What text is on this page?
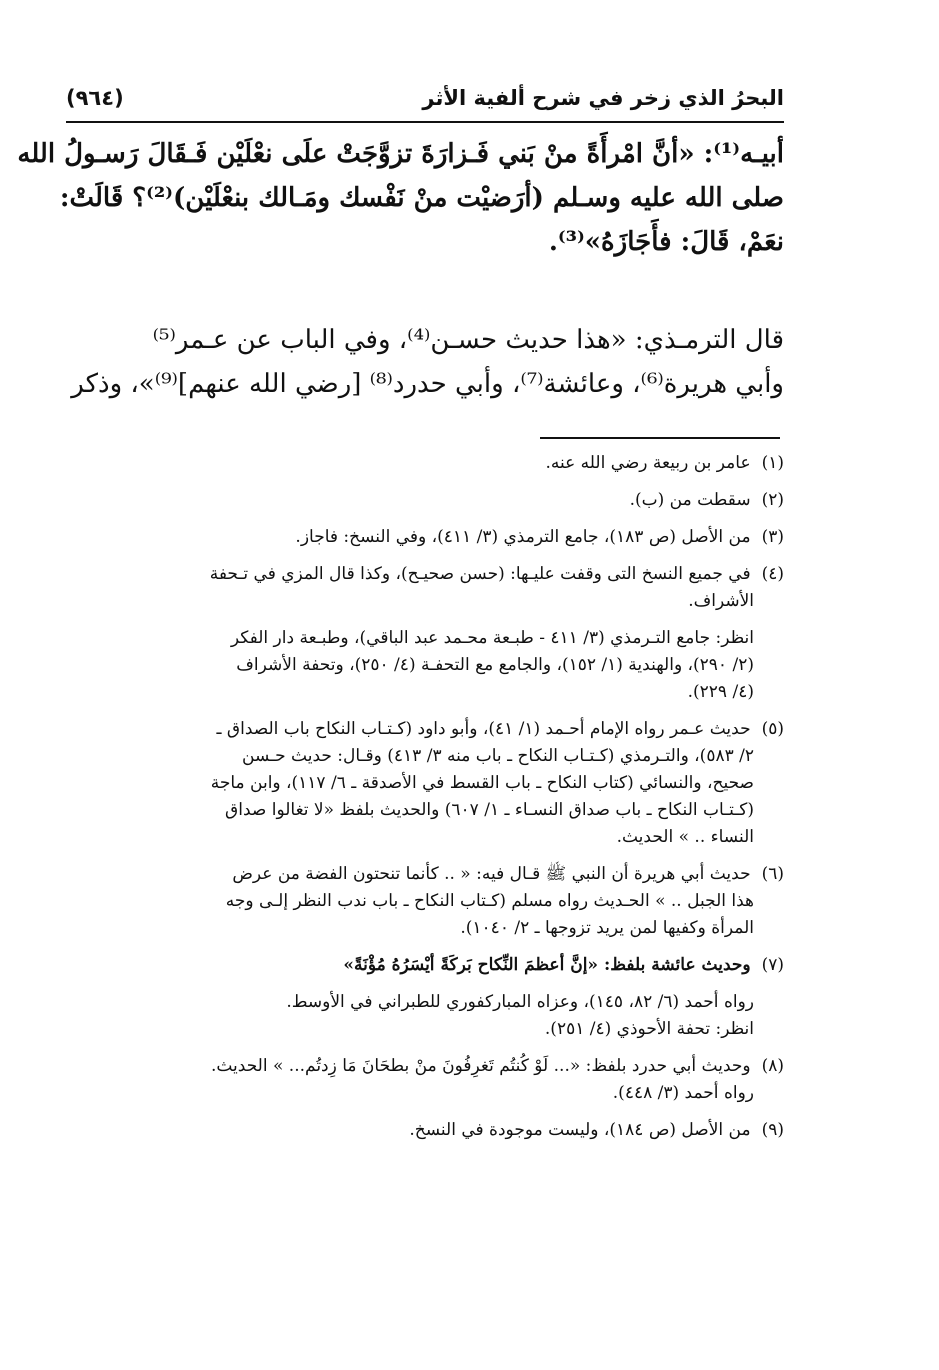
البحرُ الذي زخر في شرح ألفية الأثر
(٩٦٤)
أبيـه⁽¹⁾: «أنَّ امْرأَةً منْ بَني فَـزارَةَ تزوَّجَتْ علَى نعْلَيْن فَـقَالَ رَسـولُ الله
صلى الله عليه وسـلم (أرَضيْت منْ نَفْسك ومَـالك بنعْلَيْن)⁽²⁾؟ قَالَتْ:
نعَمْ، قَالَ: فأَجَازَهُ»⁽³⁾.
قال الترمـذي: «هذا حديث حسـن⁽⁴⁾، وفي الباب عن عـمر⁽⁵⁾
وأبي هريرة⁽⁶⁾، وعائشة⁽⁷⁾، وأبي حدرد⁽⁸⁾ [رضي الله عنهم]⁽⁹⁾»، وذكر
(١) عامر بن ربيعة رضي الله عنه.
(٢) سقطت من (ب).
(٣) من الأصل (ص ١٨٣)، جامع الترمذي (٣/ ٤١١)، وفي النسخ: فاجاز.
(٤) في جميع النسخ التى وقفت عليـها: (حسن صحيـح)، وكذا قال المزي في تـحفة
الأشراف.
انظر: جامع التـرمذي (٣/ ٤١١ - طبـعة محـمد عبد الباقي)، وطبـعة دار الفكر
(٢/ ٢٩٠)، والهندية (١/ ١٥٢)، والجامع مع التحفـة (٤/ ٢٥٠)، وتحفة الأشراف
(٤/ ٢٢٩).
(٥) حديث عـمر رواه الإمام أحـمد (١/ ٤١)، وأبو داود (كـتـاب النكاح باب الصداق ـ
٢/ ٥٨٣)، والتـرمذي (كـتـاب النكاح ـ باب منه ٣/ ٤١٣) وقـال: حديث حـسن
صحيح، والنسائي (كتاب النكاح ـ باب القسط في الأصدقة ـ ٦/ ١١٧)، وابن ماجة
(كـتـاب النكاح ـ باب صداق النسـاء ـ ١/ ٦٠٧) والحديث بلفظ «لا تغالوا صداق
النساء .. » الحديث.
(٦) حديث أبي هريرة أن النبي ﷺ قـال فيه: « .. كأنما تنحتون الفضة من عرض
هذا الجبل .. » الحـديث رواه مسلم (كـتاب النكاح ـ باب ندب النظر إلـى وجه
المرأة وكفيها لمن يريد تزوجها ـ ٢/ ١٠٤٠).
(٧) وحديث عائشة بلفظ: «إنَّ أعظمَ النِّكاح بَركَةً أيْسَرُهُ مُؤْنَةً»
رواه أحمد (٦/ ٨٢، ١٤٥)، وعزاه المباركفوري للطبراني في الأوسط.
انظر: تحفة الأحوذي (٤/ ٢٥١).
(٨) وحديث أبي حدرد بلفظ: «... لَوْ كُنتُم تَغرِفُونَ منْ بطحَانَ مَا زِدتُم... » الحديث.
رواه أحمد (٣/ ٤٤٨).
(٩) من الأصل (ص ١٨٤)، وليست موجودة في النسخ.
